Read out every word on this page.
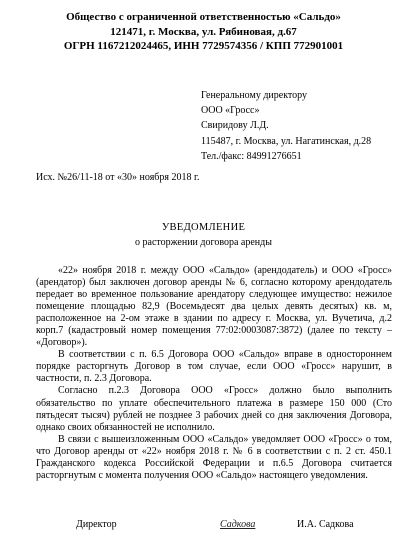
Общество с ограниченной ответственностью «Сальдо»
121471, г. Москва, ул. Рябиновая, д.67
ОГРН 1167212024465, ИНН 7729574356 / КПП 772901001
Генеральному директору
ООО «Гросс»
Свиридову Л.Д.
115487, г. Москва, ул. Нагатинская, д.28
Тел./факс: 84991276651
Исх. №26/11-18 от «30» ноября 2018 г.
УВЕДОМЛЕНИЕ
о расторжении договора аренды

«22» ноября 2018 г. между ООО «Сальдо» (арендодатель) и ООО «Гросс» (арендатор) был заключен договор аренды № 6, согласно которому арендодатель передает во временное пользование арендатору следующее имущество: нежилое помещение площадью 82,9 (Восемьдесят два целых девять десятых) кв. м, расположенное на 2-ом этаже в здании по адресу г. Москва, ул. Вучетича, д.2 корп.7 (кадастровый номер помещения 77:02:0003087:3872) (далее по тексту – «Договор»).

В соответствии с п. 6.5 Договора ООО «Сальдо» вправе в одностороннем порядке расторгнуть Договор в том случае, если ООО «Гросс» нарушит, в частности, п. 2.3 Договора.

Согласно п.2.3 Договора ООО «Гросс» должно было выполнить обязательство по уплате обеспечительного платежа в размере 150 000 (Сто пятьдесят тысяч) рублей не позднее 3 рабочих дней со дня заключения Договора, однако своих обязанностей не исполнило.

В связи с вышеизложенным ООО «Сальдо» уведомляет ООО «Гросс» о том, что Договор аренды от «22» ноября 2018 г. № 6 в соответствии с п. 2 ст. 450.1 Гражданского кодекса Российской Федерации и п.6.5 Договора считается расторгнутым с момента получения ООО «Сальдо» настоящего уведомления.

Директор	Садкова	И.А. Садкова
